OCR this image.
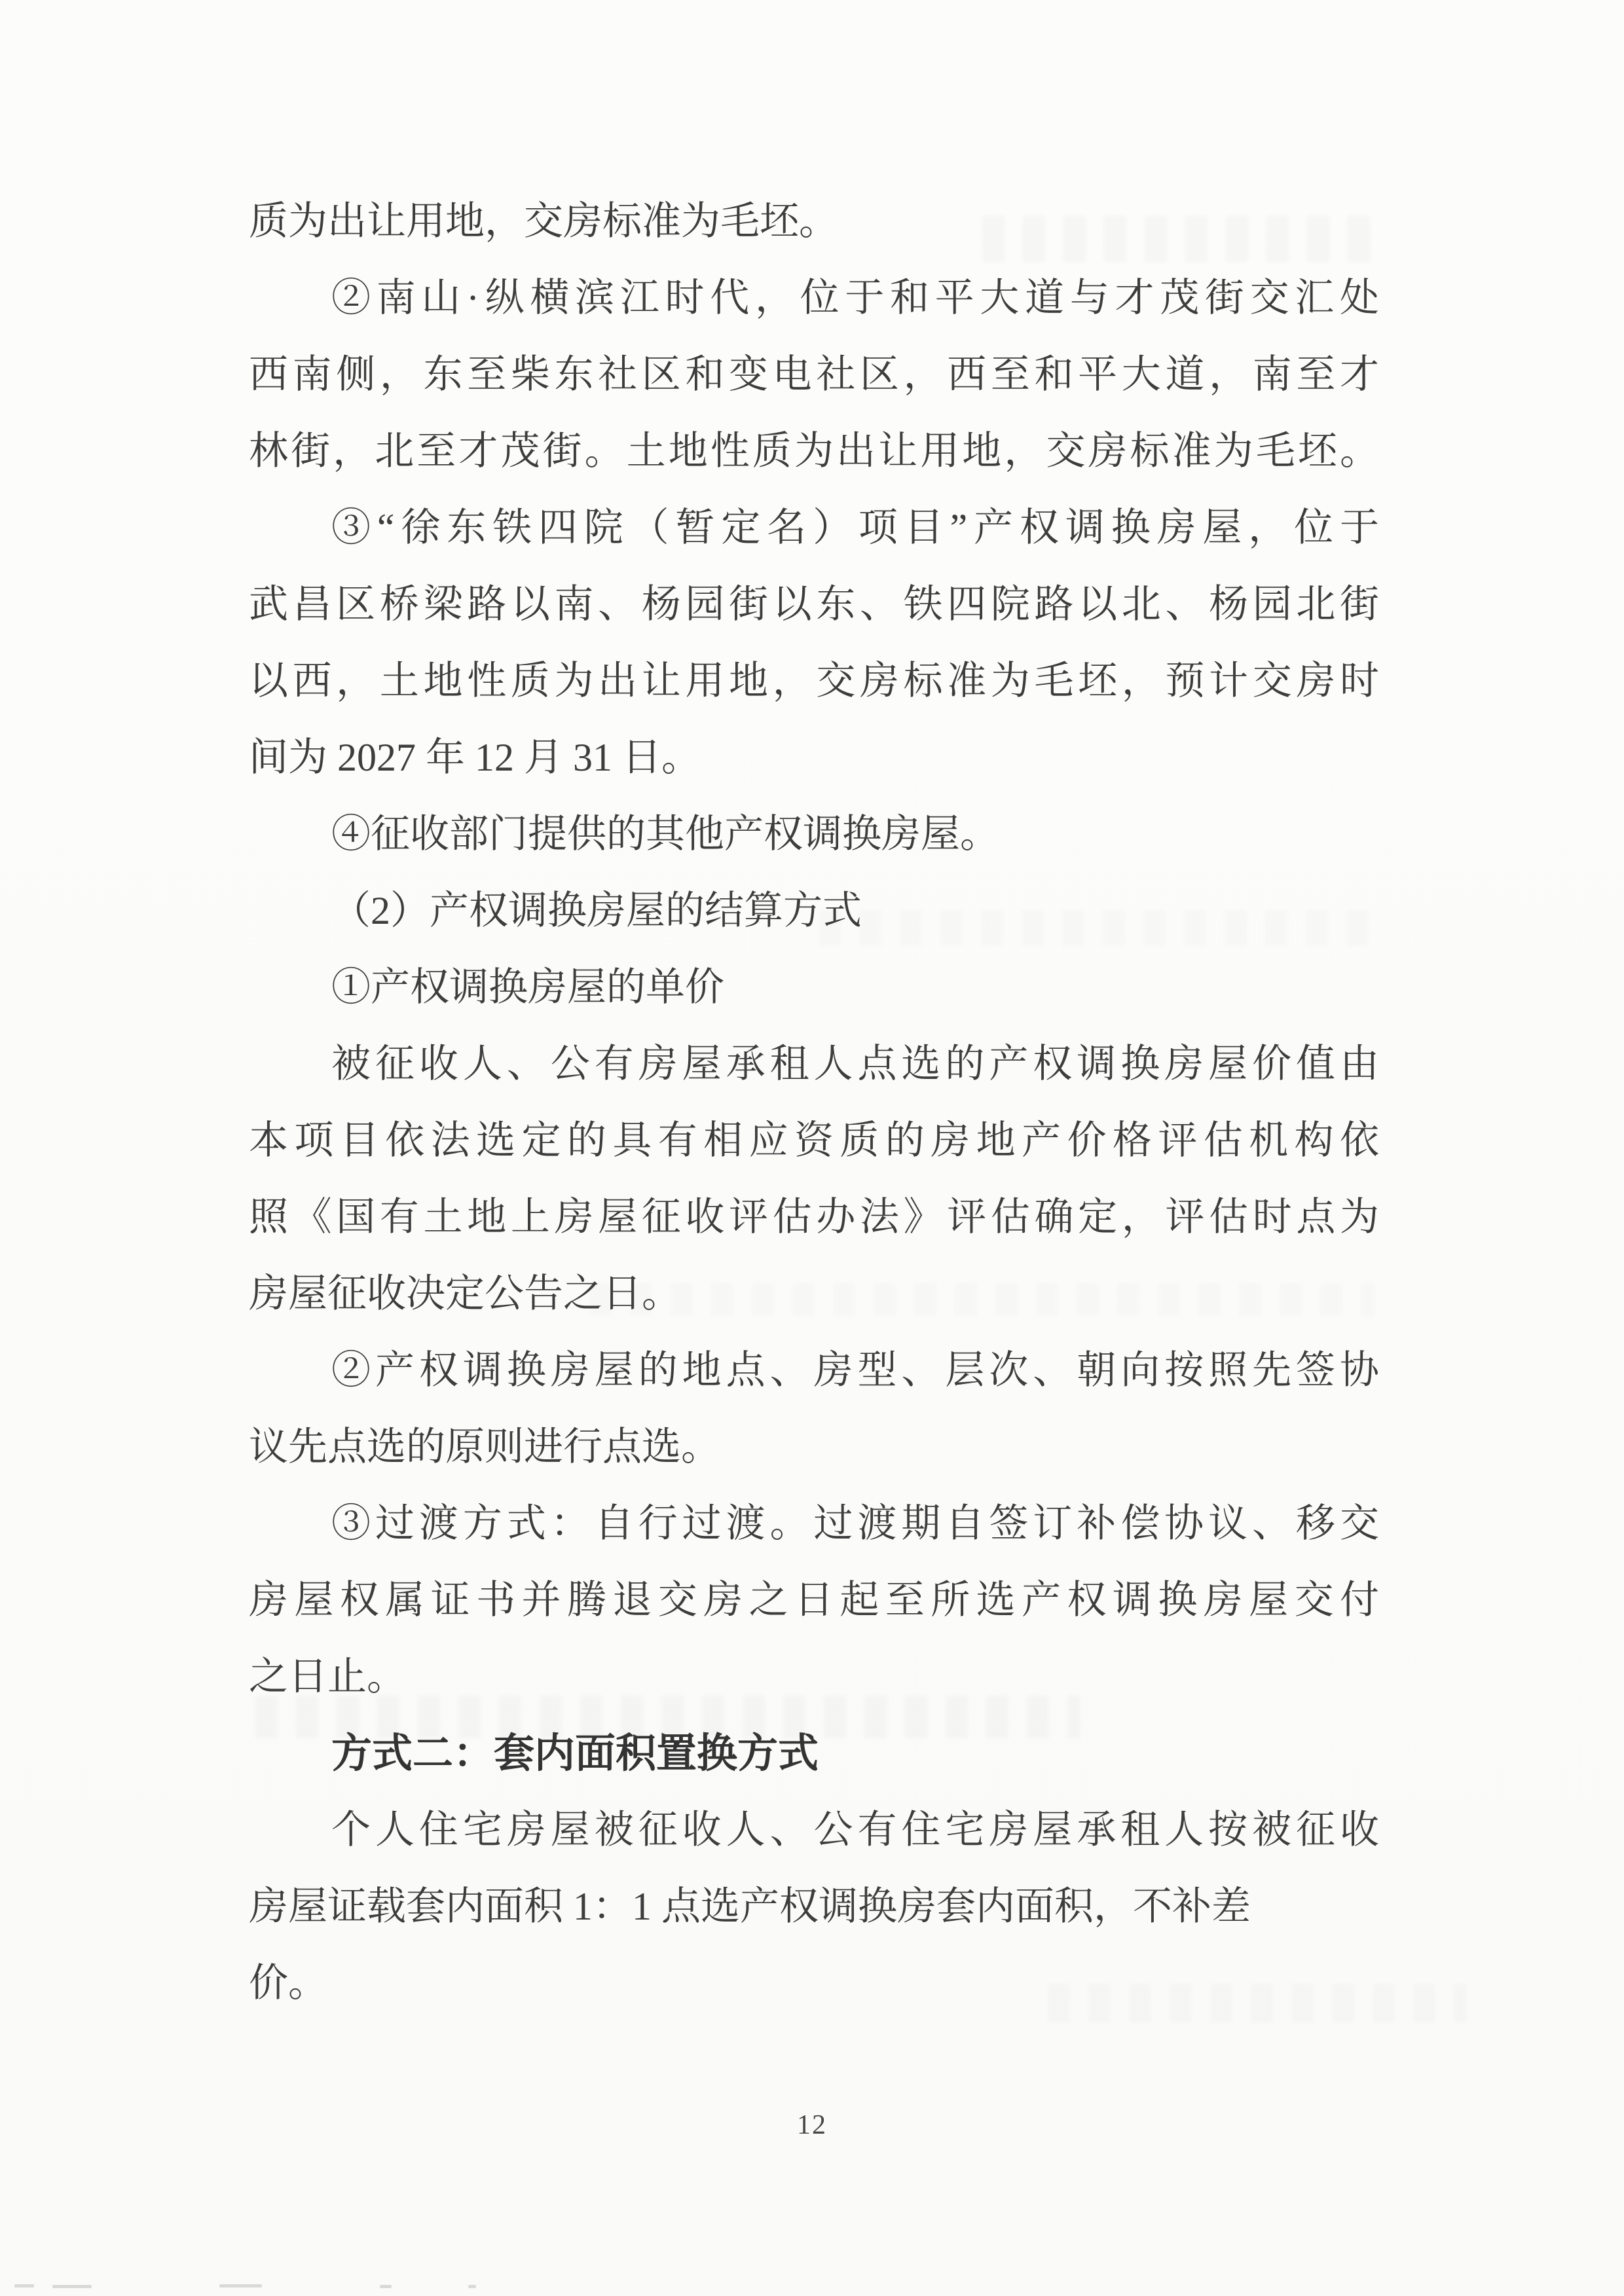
质为出让用地，交房标准为毛坯。
②南山·纵横滨江时代，位于和平大道与才茂街交汇处
西南侧，东至柴东社区和变电社区，西至和平大道，南至才
林街，北至才茂街。土地性质为出让用地，交房标准为毛坯。
③“徐东铁四院（暂定名）项目”产权调换房屋，位于
武昌区桥梁路以南、杨园街以东、铁四院路以北、杨园北街
以西，土地性质为出让用地，交房标准为毛坯，预计交房时
间为 2027 年 12 月 31 日。
④征收部门提供的其他产权调换房屋。
（2）产权调换房屋的结算方式
①产权调换房屋的单价
被征收人、公有房屋承租人点选的产权调换房屋价值由
本项目依法选定的具有相应资质的房地产价格评估机构依
照《国有土地上房屋征收评估办法》评估确定，评估时点为
房屋征收决定公告之日。
②产权调换房屋的地点、房型、层次、朝向按照先签协
议先点选的原则进行点选。
③过渡方式：自行过渡。过渡期自签订补偿协议、移交
房屋权属证书并腾退交房之日起至所选产权调换房屋交付
之日止。
方式二：套内面积置换方式
个人住宅房屋被征收人、公有住宅房屋承租人按被征收
房屋证载套内面积 1：1 点选产权调换房套内面积，不补差
价。
12
